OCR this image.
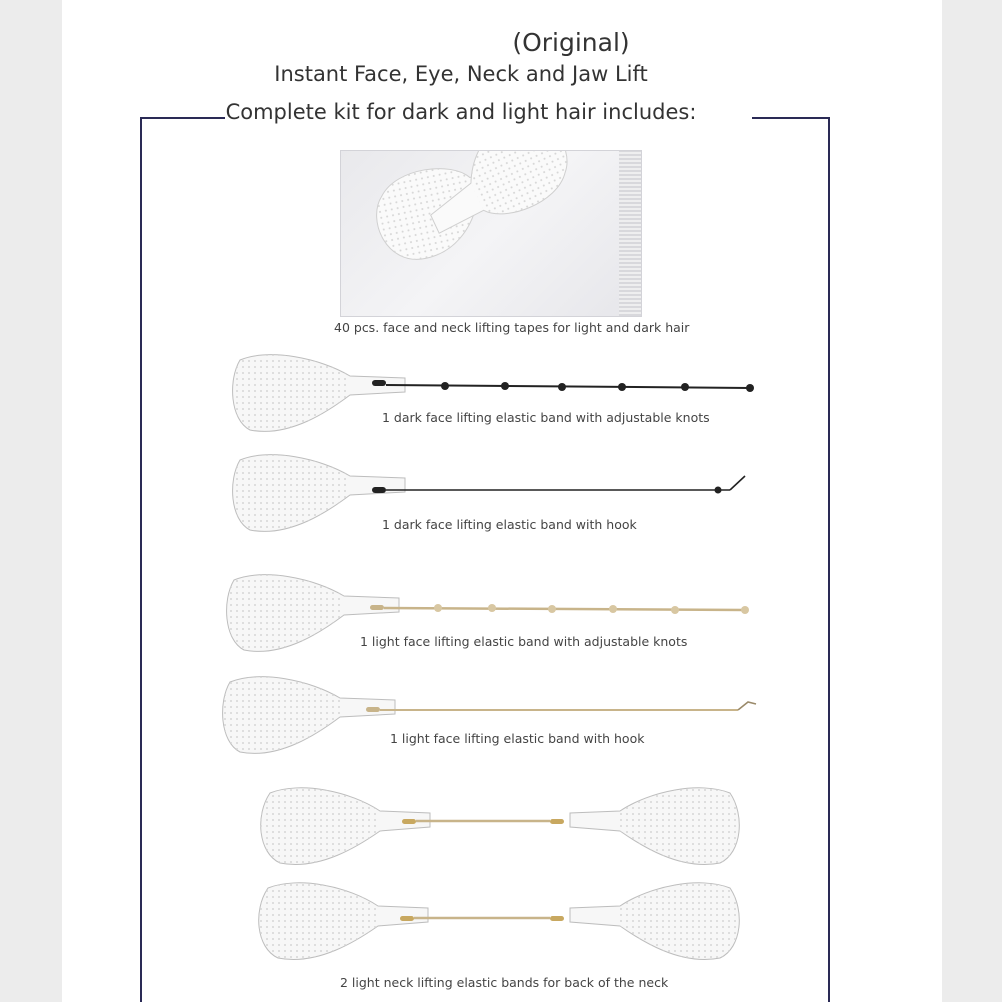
(Original)
Instant Face, Eye, Neck and Jaw Lift
Complete kit for dark and light hair includes:
40 pcs. face and neck lifting tapes for light and dark hair
1 dark face lifting elastic band with adjustable knots
1 dark face lifting elastic band with hook
1 light face lifting elastic band with adjustable knots
1 light face lifting elastic band with hook
2 light neck lifting elastic bands for back of the neck
